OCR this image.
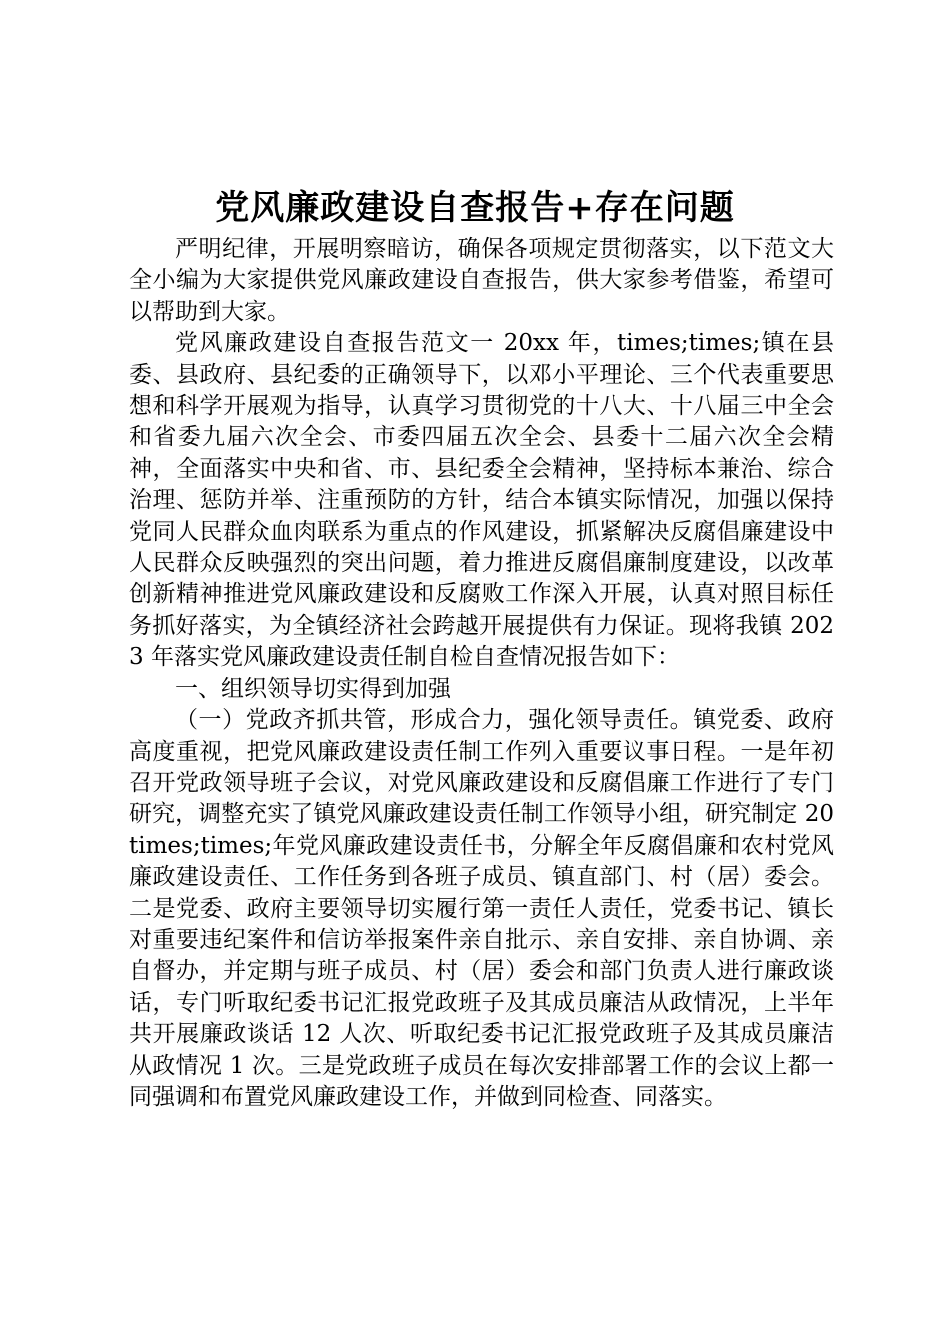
党风廉政建设自查报告+存在问题

严明纪律，开展明察暗访，确保各项规定贯彻落实，以下范文大全小编为大家提供党风廉政建设自查报告，供大家参考借鉴，希望可以帮助到大家。

党风廉政建设自查报告范文一 20xx 年，times;times;镇在县委、县政府、县纪委的正确领导下，以邓小平理论、三个代表重要思想和科学开展观为指导，认真学习贯彻党的十八大、十八届三中全会和省委九届六次全会、市委四届五次全会、县委十二届六次全会精神，全面落实中央和省、市、县纪委全会精神，坚持标本兼治、综合治理、惩防并举、注重预防的方针，结合本镇实际情况，加强以保持党同人民群众血肉联系为重点的作风建设，抓紧解决反腐倡廉建设中人民群众反映强烈的突出问题，着力推进反腐倡廉制度建设，以改革创新精神推进党风廉政建设和反腐败工作深入开展，认真对照目标任务抓好落实，为全镇经济社会跨越开展提供有力保证。现将我镇 2023 年落实党风廉政建设责任制自检自查情况报告如下：

一、组织领导切实得到加强

（一）党政齐抓共管，形成合力，强化领导责任。镇党委、政府高度重视，把党风廉政建设责任制工作列入重要议事日程。一是年初召开党政领导班子会议，对党风廉政建设和反腐倡廉工作进行了专门研究，调整充实了镇党风廉政建设责任制工作领导小组，研究制定 20times;times;年党风廉政建设责任书，分解全年反腐倡廉和农村党风廉政建设责任、工作任务到各班子成员、镇直部门、村（居）委会。二是党委、政府主要领导切实履行第一责任人责任，党委书记、镇长对重要违纪案件和信访举报案件亲自批示、亲自安排、亲自协调、亲自督办，并定期与班子成员、村（居）委会和部门负责人进行廉政谈话，专门听取纪委书记汇报党政班子及其成员廉洁从政情况，上半年共开展廉政谈话 12 人次、听取纪委书记汇报党政班子及其成员廉洁从政情况 1 次。三是党政班子成员在每次安排部署工作的会议上都一同强调和布置党风廉政建设工作，并做到同检查、同落实。
